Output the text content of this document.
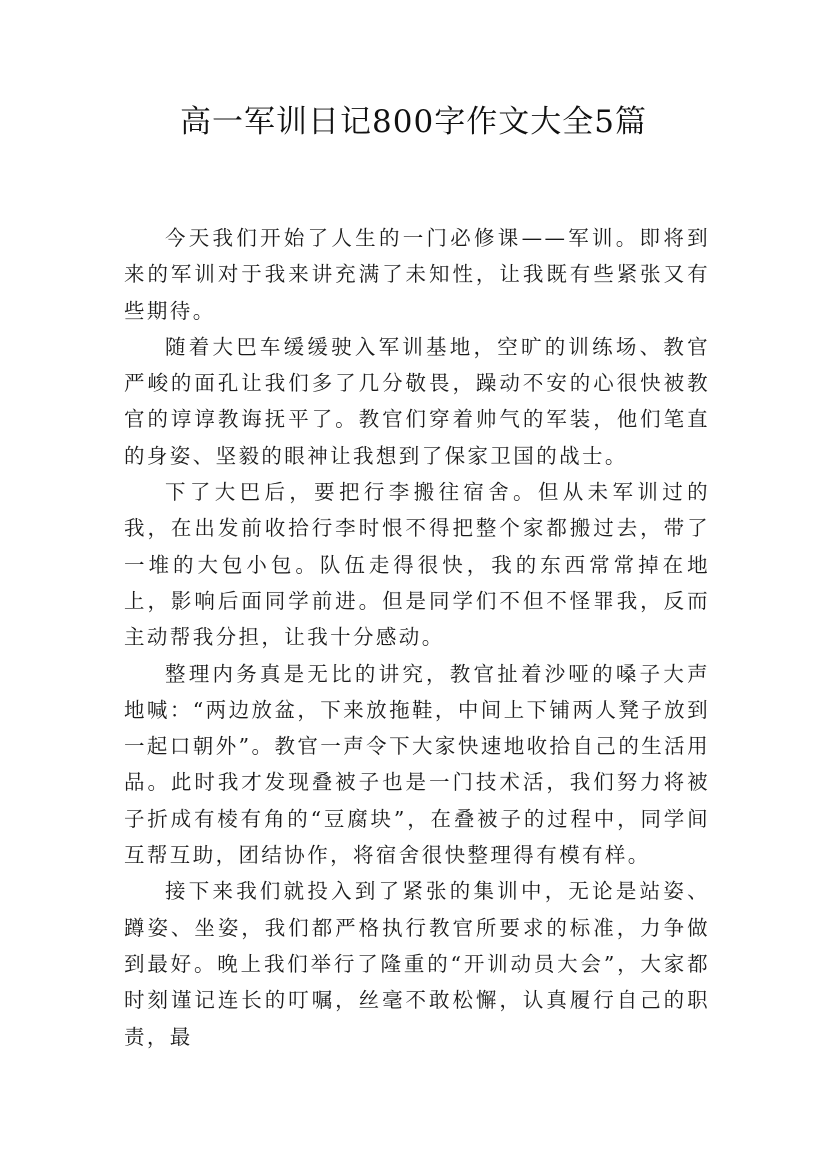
高一军训日记800字作文大全5篇

今天我们开始了人生的一门必修课——军训。即将到来的军训对于我来讲充满了未知性，让我既有些紧张又有些期待。

随着大巴车缓缓驶入军训基地，空旷的训练场、教官严峻的面孔让我们多了几分敬畏，躁动不安的心很快被教官的谆谆教诲抚平了。教官们穿着帅气的军装，他们笔直的身姿、坚毅的眼神让我想到了保家卫国的战士。

下了大巴后，要把行李搬往宿舍。但从未军训过的我，在出发前收拾行李时恨不得把整个家都搬过去，带了一堆的大包小包。队伍走得很快，我的东西常常掉在地上，影响后面同学前进。但是同学们不但不怪罪我，反而主动帮我分担，让我十分感动。

整理内务真是无比的讲究，教官扯着沙哑的嗓子大声地喊：“两边放盆，下来放拖鞋，中间上下铺两人凳子放到一起口朝外”。教官一声令下大家快速地收拾自己的生活用品。此时我才发现叠被子也是一门技术活，我们努力将被子折成有棱有角的“豆腐块”，在叠被子的过程中，同学间互帮互助，团结协作，将宿舍很快整理得有模有样。

接下来我们就投入到了紧张的集训中，无论是站姿、蹲姿、坐姿，我们都严格执行教官所要求的标准，力争做到最好。晚上我们举行了隆重的“开训动员大会”，大家都时刻谨记连长的叮嘱，丝毫不敢松懈，认真履行自己的职责，最
